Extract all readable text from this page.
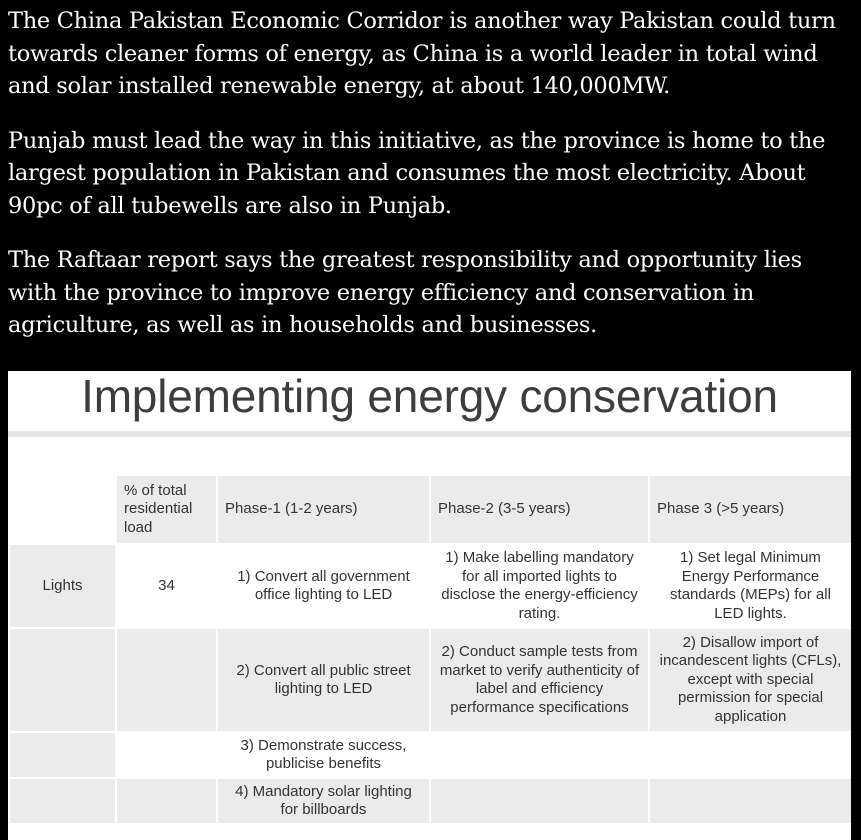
The China Pakistan Economic Corridor is another way Pakistan could turn towards cleaner forms of energy, as China is a world leader in total wind and solar installed renewable energy, at about 140,000MW.

Punjab must lead the way in this initiative, as the province is home to the largest population in Pakistan and consumes the most electricity. About 90pc of all tubewells are also in Punjab.

The Raftaar report says the greatest responsibility and opportunity lies with the province to improve energy efficiency and conservation in agriculture, as well as in households and businesses.

Implementing energy conservation
	% of total residential load	Phase-1 (1-2 years)	Phase-2 (3-5 years)	Phase 3 (>5 years)
Lights	34	1) Convert all government office lighting to LED	1) Make labelling mandatory for all imported lights to disclose the energy-efficiency rating.	1) Set legal Minimum Energy Performance standards (MEPs) for all LED lights.
		2) Convert all public street lighting to LED	2) Conduct sample tests from market to verify authenticity of label and efficiency performance specifications	2) Disallow import of incandescent lights (CFLs), except with special permission for special application
		3) Demonstrate success, publicise benefits		
		4) Mandatory solar lighting for billboards		
